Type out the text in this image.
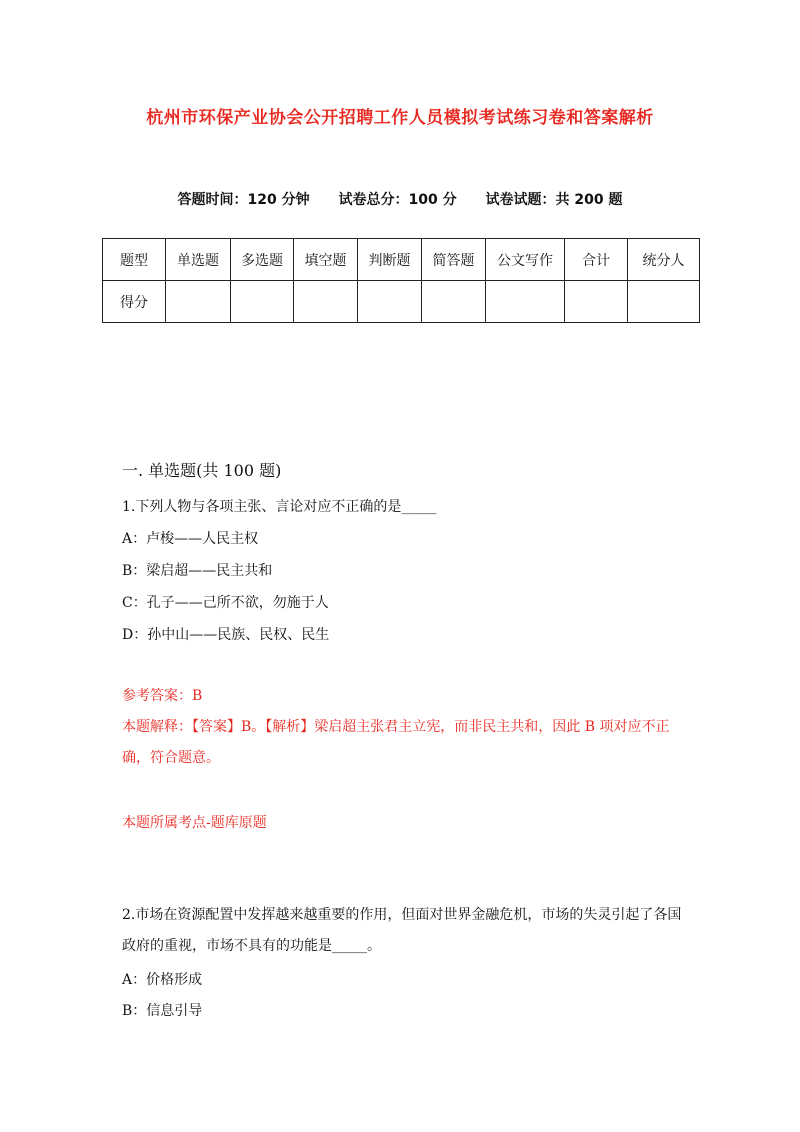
杭州市环保产业协会公开招聘工作人员模拟考试练习卷和答案解析
答题时间：120 分钟 试卷总分：100 分 试卷试题：共 200 题
题型	单选题	多选题	填空题	判断题	简答题	公文写作	合计	统分人
得分								
一. 单选题(共 100 题)
1.下列人物与各项主张、言论对应不正确的是_____
A：卢梭——人民主权
B：梁启超——民主共和
C：孔子——己所不欲，勿施于人
D：孙中山——民族、民权、民生
参考答案：B
本题解释：【答案】B。【解析】梁启超主张君主立宪，而非民主共和，因此 B 项对应不正确，符合题意。
本题所属考点-题库原题
2.市场在资源配置中发挥越来越重要的作用，但面对世界金融危机，市场的失灵引起了各国政府的重视，市场不具有的功能是_____。
A：价格形成
B：信息引导
